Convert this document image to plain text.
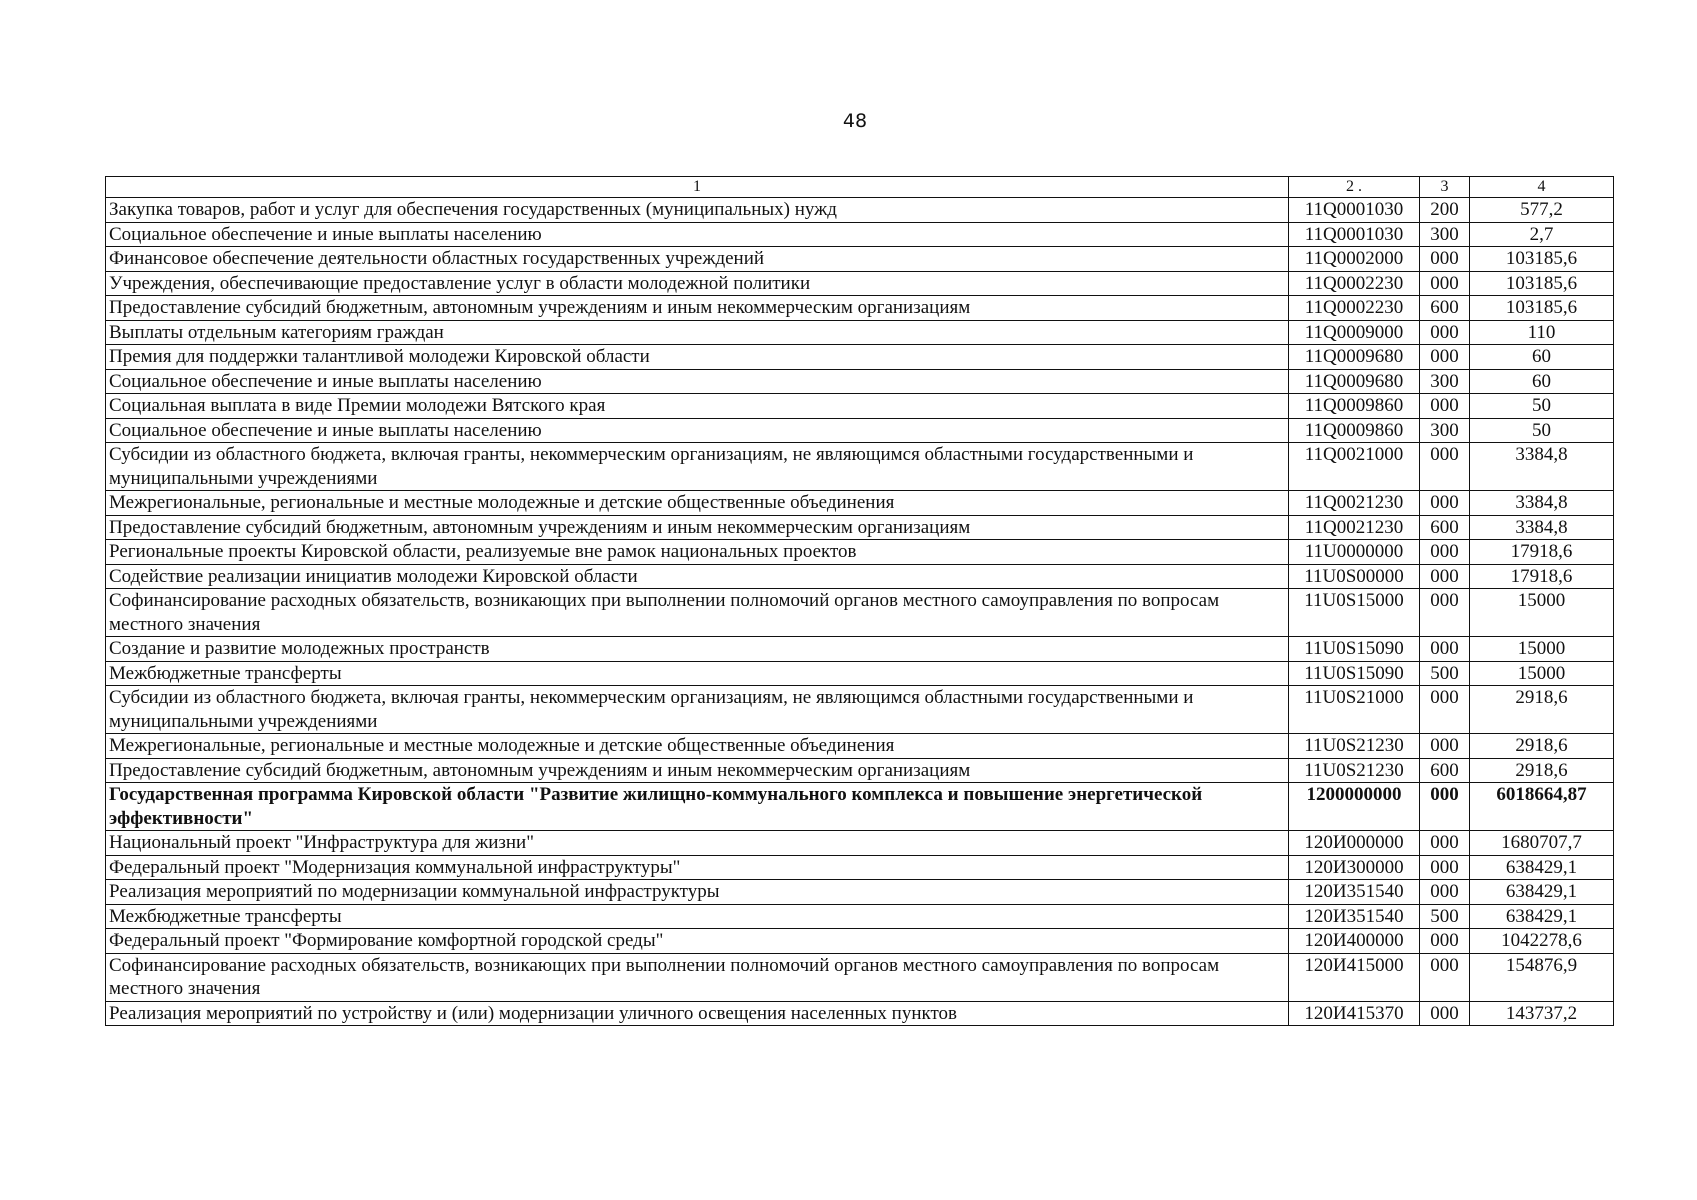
48
1	2 .	3	4
Закупка товаров, работ и услуг для обеспечения государственных (муниципальных) нужд	11Q0001030	200	577,2
Социальное обеспечение и иные выплаты населению	11Q0001030	300	2,7
Финансовое обеспечение деятельности областных государственных учреждений	11Q0002000	000	103185,6
Учреждения, обеспечивающие предоставление услуг в области молодежной политики	11Q0002230	000	103185,6
Предоставление субсидий бюджетным, автономным учреждениям и иным некоммерческим организациям	11Q0002230	600	103185,6
Выплаты отдельным категориям граждан	11Q0009000	000	110
Премия для поддержки талантливой молодежи Кировской области	11Q0009680	000	60
Социальное обеспечение и иные выплаты населению	11Q0009680	300	60
Социальная выплата в виде Премии молодежи Вятского края	11Q0009860	000	50
Социальное обеспечение и иные выплаты населению	11Q0009860	300	50
Субсидии из областного бюджета, включая гранты, некоммерческим организациям, не являющимся областными государственными и муниципальными учреждениями	11Q0021000	000	3384,8
Межрегиональные, региональные и местные молодежные и детские общественные объединения	11Q0021230	000	3384,8
Предоставление субсидий бюджетным, автономным учреждениям и иным некоммерческим организациям	11Q0021230	600	3384,8
Региональные проекты Кировской области, реализуемые вне рамок национальных проектов	11U0000000	000	17918,6
Содействие реализации инициатив молодежи Кировской области	11U0S00000	000	17918,6
Софинансирование расходных обязательств, возникающих при выполнении полномочий органов местного самоуправления по вопросам местного значения	11U0S15000	000	15000
Создание и развитие молодежных пространств	11U0S15090	000	15000
Межбюджетные трансферты	11U0S15090	500	15000
Субсидии из областного бюджета, включая гранты, некоммерческим организациям, не являющимся областными государственными и муниципальными учреждениями	11U0S21000	000	2918,6
Межрегиональные, региональные и местные молодежные и детские общественные объединения	11U0S21230	000	2918,6
Предоставление субсидий бюджетным, автономным учреждениям и иным некоммерческим организациям	11U0S21230	600	2918,6
Государственная программа Кировской области "Развитие жилищно-коммунального комплекса и повышение энергетической эффективности"	1200000000	000	6018664,87
Национальный проект "Инфраструктура для жизни"	120И000000	000	1680707,7
Федеральный проект "Модернизация коммунальной инфраструктуры"	120И300000	000	638429,1
Реализация мероприятий по модернизации коммунальной инфраструктуры	120И351540	000	638429,1
Межбюджетные трансферты	120И351540	500	638429,1
Федеральный проект "Формирование комфортной городской среды"	120И400000	000	1042278,6
Софинансирование расходных обязательств, возникающих при выполнении полномочий органов местного самоуправления по вопросам местного значения	120И415000	000	154876,9
Реализация мероприятий по устройству и (или) модернизации уличного освещения населенных пунктов	120И415370	000	143737,2
